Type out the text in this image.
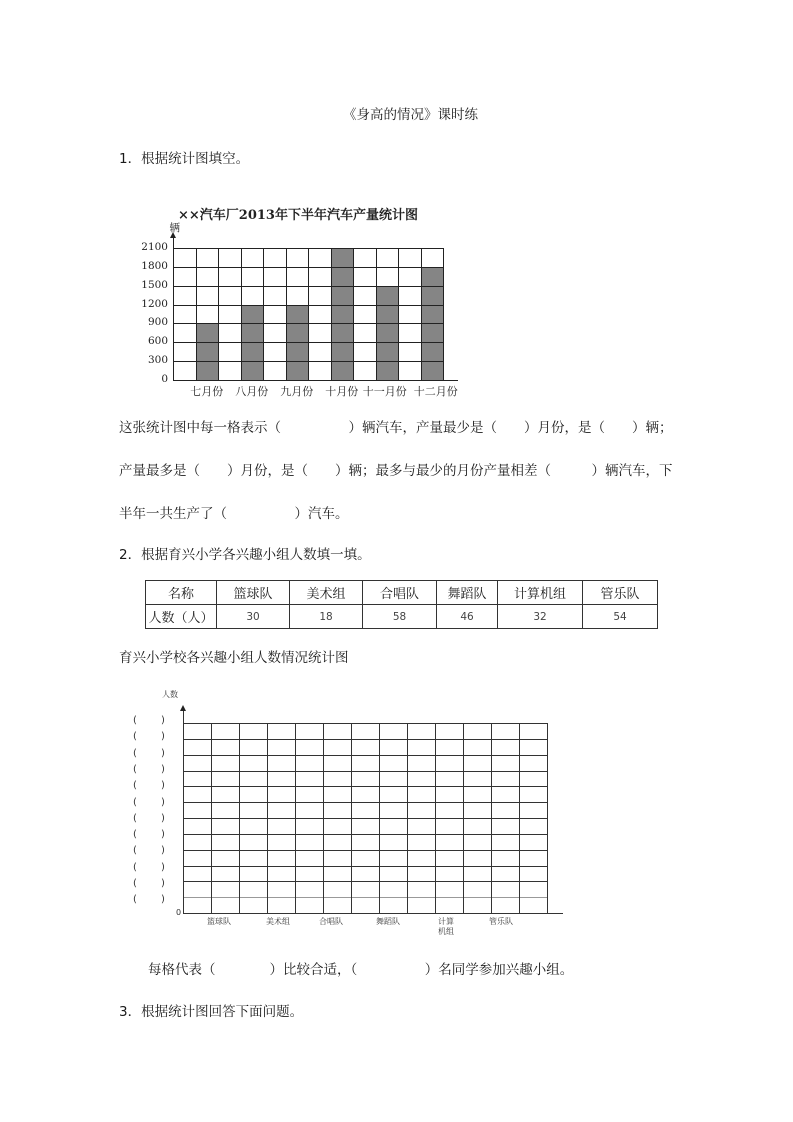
《身高的情况》课时练
1．根据统计图填空。
××汽车厂2013年下半年汽车产量统计图
辆
0
300
600
900
1200
1500
1800
2100
七月份	八月份	九月份	十月份 十一月份 十二月份
这张统计图中每一格表示（　　　　　）辆汽车，产量最少是（　　）月份，是（　　）辆；
产量最多是（　　）月份，是（　　）辆；最多与最少的月份产量相差（　　　）辆汽车，下
半年一共生产了（　　　　　）汽车。
2．根据育兴小学各兴趣小组人数填一填。
名称	篮球队	美术组	合唱队	舞蹈队	计算机组	管乐队
人数（人）	30	18	58	46	32	54
育兴小学校各兴趣小组人数情况统计图
人数
0
( )
( )
( )
( )
( )
( )
( )
( )
( )
( )
( )
( )
篮球队	美术组	合唱队	舞蹈队	计算
机组
管乐队
每格代表（　　　　）比较合适，（　　　　　）名同学参加兴趣小组。
3．根据统计图回答下面问题。
